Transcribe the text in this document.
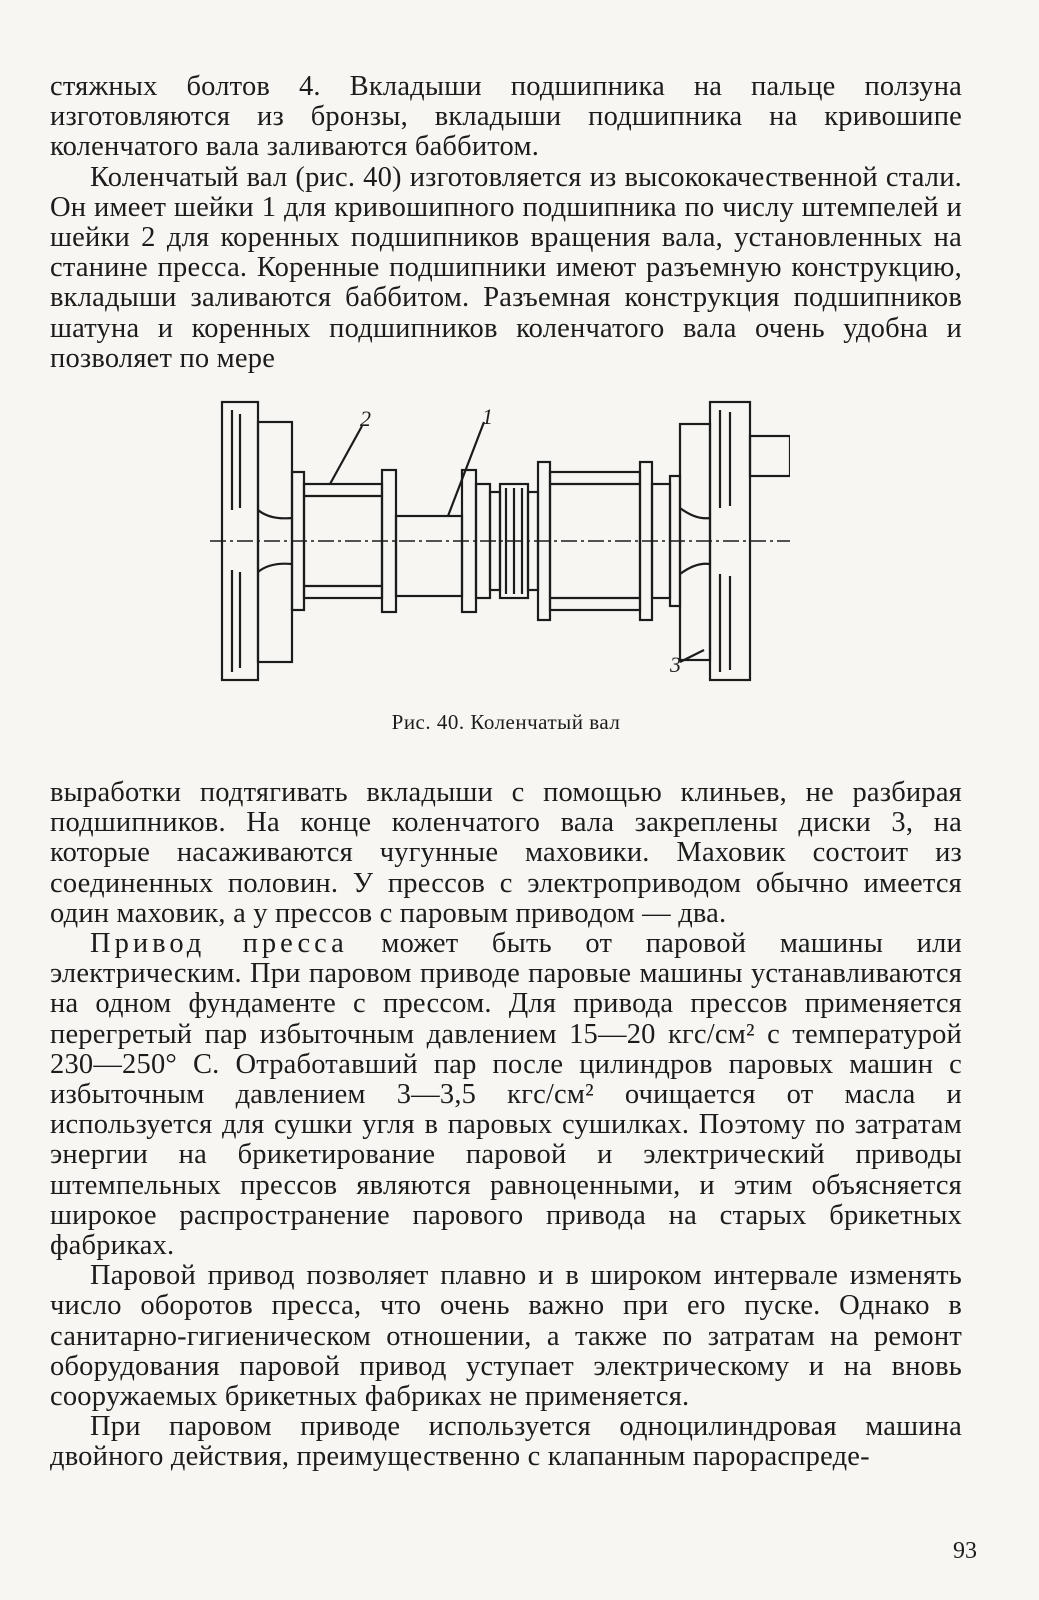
стяжных болтов 4. Вкладыши подшипника на пальце ползуна изготовляются из бронзы, вкладыши подшипника на кривошипе коленчатого вала заливаются баббитом.

Коленчатый вал (рис. 40) изготовляется из высококачественной стали. Он имеет шейки 1 для кривошипного подшипника по числу штемпелей и шейки 2 для коренных подшипников вращения вала, установленных на станине пресса. Коренные подшипники имеют разъемную конструкцию, вкладыши заливаются баббитом. Разъемная конструкция подшипников шатуна и коренных подшипников коленчатого вала очень удобна и позволяет по мере

2	1
3
Рис. 40. Коленчатый вал

выработки подтягивать вкладыши с помощью клиньев, не разбирая подшипников. На конце коленчатого вала закреплены диски 3, на которые насаживаются чугунные маховики. Маховик состоит из соединенных половин. У прессов с электроприводом обычно имеется один маховик, а у прессов с паровым приводом — два.

Привод пресса может быть от паровой машины или электрическим. При паровом приводе паровые машины устанавливаются на одном фундаменте с прессом. Для привода прессов применяется перегретый пар избыточным давлением 15—20 кгс/см² с температурой 230—250° С. Отработавший пар после цилиндров паровых машин с избыточным давлением 3—3,5 кгс/см² очищается от масла и используется для сушки угля в паровых сушилках. Поэтому по затратам энергии на брикетирование паровой и электрический приводы штемпельных прессов являются равноценными, и этим объясняется широкое распространение парового привода на старых брикетных фабриках.

Паровой привод позволяет плавно и в широком интервале изменять число оборотов пресса, что очень важно при его пуске. Однако в санитарно-гигиеническом отношении, а также по затратам на ремонт оборудования паровой привод уступает электрическому и на вновь сооружаемых брикетных фабриках не применяется.

При паровом приводе используется одноцилиндровая машина двойного действия, преимущественно с клапанным парораспреде-

93
